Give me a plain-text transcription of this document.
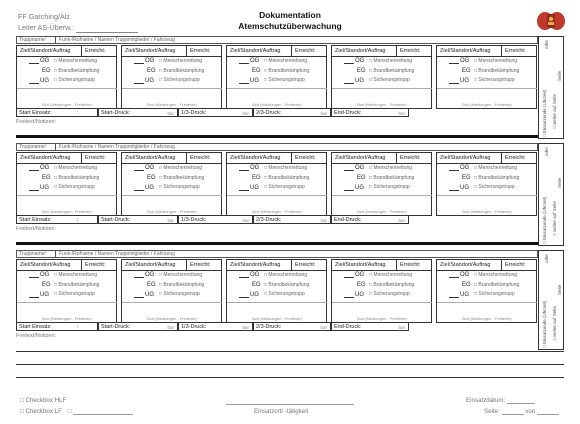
FF Garching/Alz
Leiter AS-Überw.:
Dokumentation
Atemschutzüberwachung
Truppname/	Funk-/Rufname / Namen Truppmitglieder / Fahrzeug
Ziel/Standort/Auftrag	Erreicht:
OG □ Menschenrettung
EG □ Brandbekämpfung
UG □ Sicherungstrupp
Bzü (Meldungen - Freitexte)
Ziel/Standort/Auftrag	Erreicht:
OG □ Menschenrettung
EG □ Brandbekämpfung
UG □ Sicherungstrupp
Bzü (Meldungen - Freitexte)
Ziel/Standort/Auftrag	Erreicht:
OG □ Menschenrettung
EG □ Brandbekämpfung
UG □ Sicherungstrupp
Bzü (Meldungen - Freitexte)
Ziel/Standort/Auftrag	Erreicht:
OG □ Menschenrettung
EG □ Brandbekämpfung
UG □ Sicherungstrupp
Bzü (Meldungen - Freitexte)
Ziel/Standort/Auftrag	Erreicht:
OG □ Menschenrettung
EG □ Brandbekämpfung
UG □ Sicherungstrupp
Bzü (Meldungen - Freitexte)
Start Einsatz:	:	Start-Druck:	bar	1/3-Druck:	bar	2/3-Druck:	bar	End-Druck:	bar
Freitext/Notizen:
oder
□ Einsatzende (Uhrzeit) □ weiter auf Seite
Seite
Truppname/	Funk-/Rufname / Namen Truppmitglieder / Fahrzeug
Ziel/Standort/Auftrag	Erreicht:
OG □ Menschenrettung
EG □ Brandbekämpfung
UG □ Sicherungstrupp
Bzü (Meldungen - Freitexte)
Ziel/Standort/Auftrag	Erreicht:
OG □ Menschenrettung
EG □ Brandbekämpfung
UG □ Sicherungstrupp
Bzü (Meldungen - Freitexte)
Ziel/Standort/Auftrag	Erreicht:
OG □ Menschenrettung
EG □ Brandbekämpfung
UG □ Sicherungstrupp
Bzü (Meldungen - Freitexte)
Ziel/Standort/Auftrag	Erreicht:
OG □ Menschenrettung
EG □ Brandbekämpfung
UG □ Sicherungstrupp
Bzü (Meldungen - Freitexte)
Ziel/Standort/Auftrag	Erreicht:
OG □ Menschenrettung
EG □ Brandbekämpfung
UG □ Sicherungstrupp
Bzü (Meldungen - Freitexte)
Start Einsatz:	:	Start-Druck:	bar	1/3-Druck:	bar	2/3-Druck:	bar	End-Druck:	bar
Freitext/Notizen:
oder
□ Einsatzende (Uhrzeit) □ weiter auf Seite
Seite
Truppname/	Funk-/Rufname / Namen Truppmitglieder / Fahrzeug
Ziel/Standort/Auftrag	Erreicht:
OG □ Menschenrettung
EG □ Brandbekämpfung
UG □ Sicherungstrupp
Bzü (Meldungen - Freitexte)
Ziel/Standort/Auftrag	Erreicht:
OG □ Menschenrettung
EG □ Brandbekämpfung
UG □ Sicherungstrupp
Bzü (Meldungen - Freitexte)
Ziel/Standort/Auftrag	Erreicht:
OG □ Menschenrettung
EG □ Brandbekämpfung
UG □ Sicherungstrupp
Bzü (Meldungen - Freitexte)
Ziel/Standort/Auftrag	Erreicht:
OG □ Menschenrettung
EG □ Brandbekämpfung
UG □ Sicherungstrupp
Bzü (Meldungen - Freitexte)
Ziel/Standort/Auftrag	Erreicht:
OG □ Menschenrettung
EG □ Brandbekämpfung
UG □ Sicherungstrupp
Bzü (Meldungen - Freitexte)
Start Einsatz:	:	Start-Druck:	bar	1/3-Druck:	bar	2/3-Druck:	bar	End-Druck:	bar
Freitext/Notizen:
oder
□ Einsatzende (Uhrzeit) □ weiter auf Seite
Seite
□ Checkbox HLF
□ Checkbox LF □	Einsatzort/ -tätigkeit
Einsatzdatum:
Seite:	von
